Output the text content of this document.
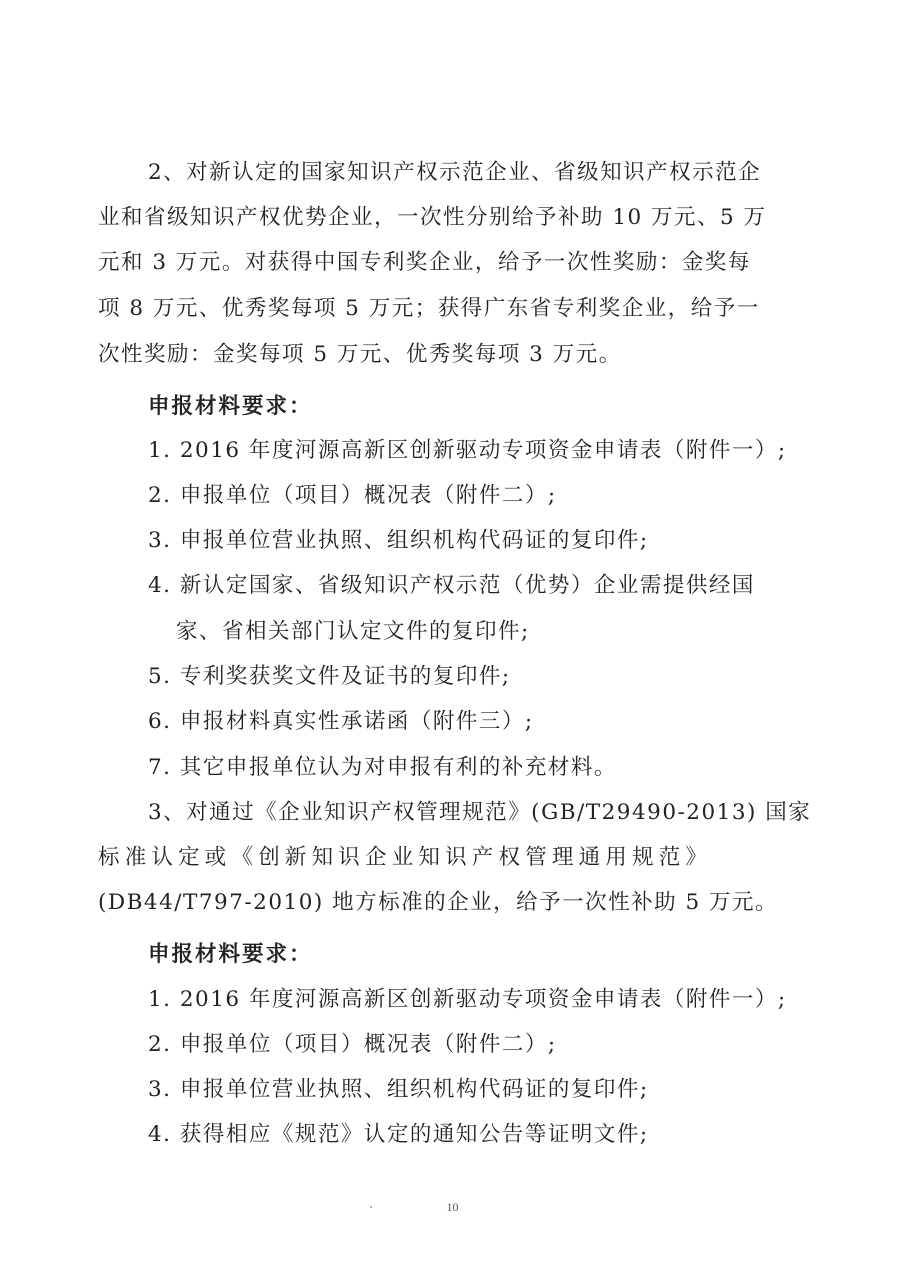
2、对新认定的国家知识产权示范企业、省级知识产权示范企
业和省级知识产权优势企业，一次性分别给予补助 10 万元、5 万
元和 3 万元。对获得中国专利奖企业，给予一次性奖励：金奖每
项 8 万元、优秀奖每项 5 万元；获得广东省专利奖企业，给予一
次性奖励：金奖每项 5 万元、优秀奖每项 3 万元。
申报材料要求：
1. 2016 年度河源高新区创新驱动专项资金申请表（附件一）;
2. 申报单位（项目）概况表（附件二）;
3. 申报单位营业执照、组织机构代码证的复印件;
4. 新认定国家、省级知识产权示范（优势）企业需提供经国
家、省相关部门认定文件的复印件;
5. 专利奖获奖文件及证书的复印件;
6. 申报材料真实性承诺函（附件三）;
7. 其它申报单位认为对申报有利的补充材料。
3、对通过《企业知识产权管理规范》(GB/T29490-2013) 国家
标准认定或《创新知识企业知识产权管理通用规范》
(DB44/T797-2010) 地方标准的企业，给予一次性补助 5 万元。
申报材料要求：
1. 2016 年度河源高新区创新驱动专项资金申请表（附件一）;
2. 申报单位（项目）概况表（附件二）;
3. 申报单位营业执照、组织机构代码证的复印件;
4. 获得相应《规范》认定的通知公告等证明文件;
10
